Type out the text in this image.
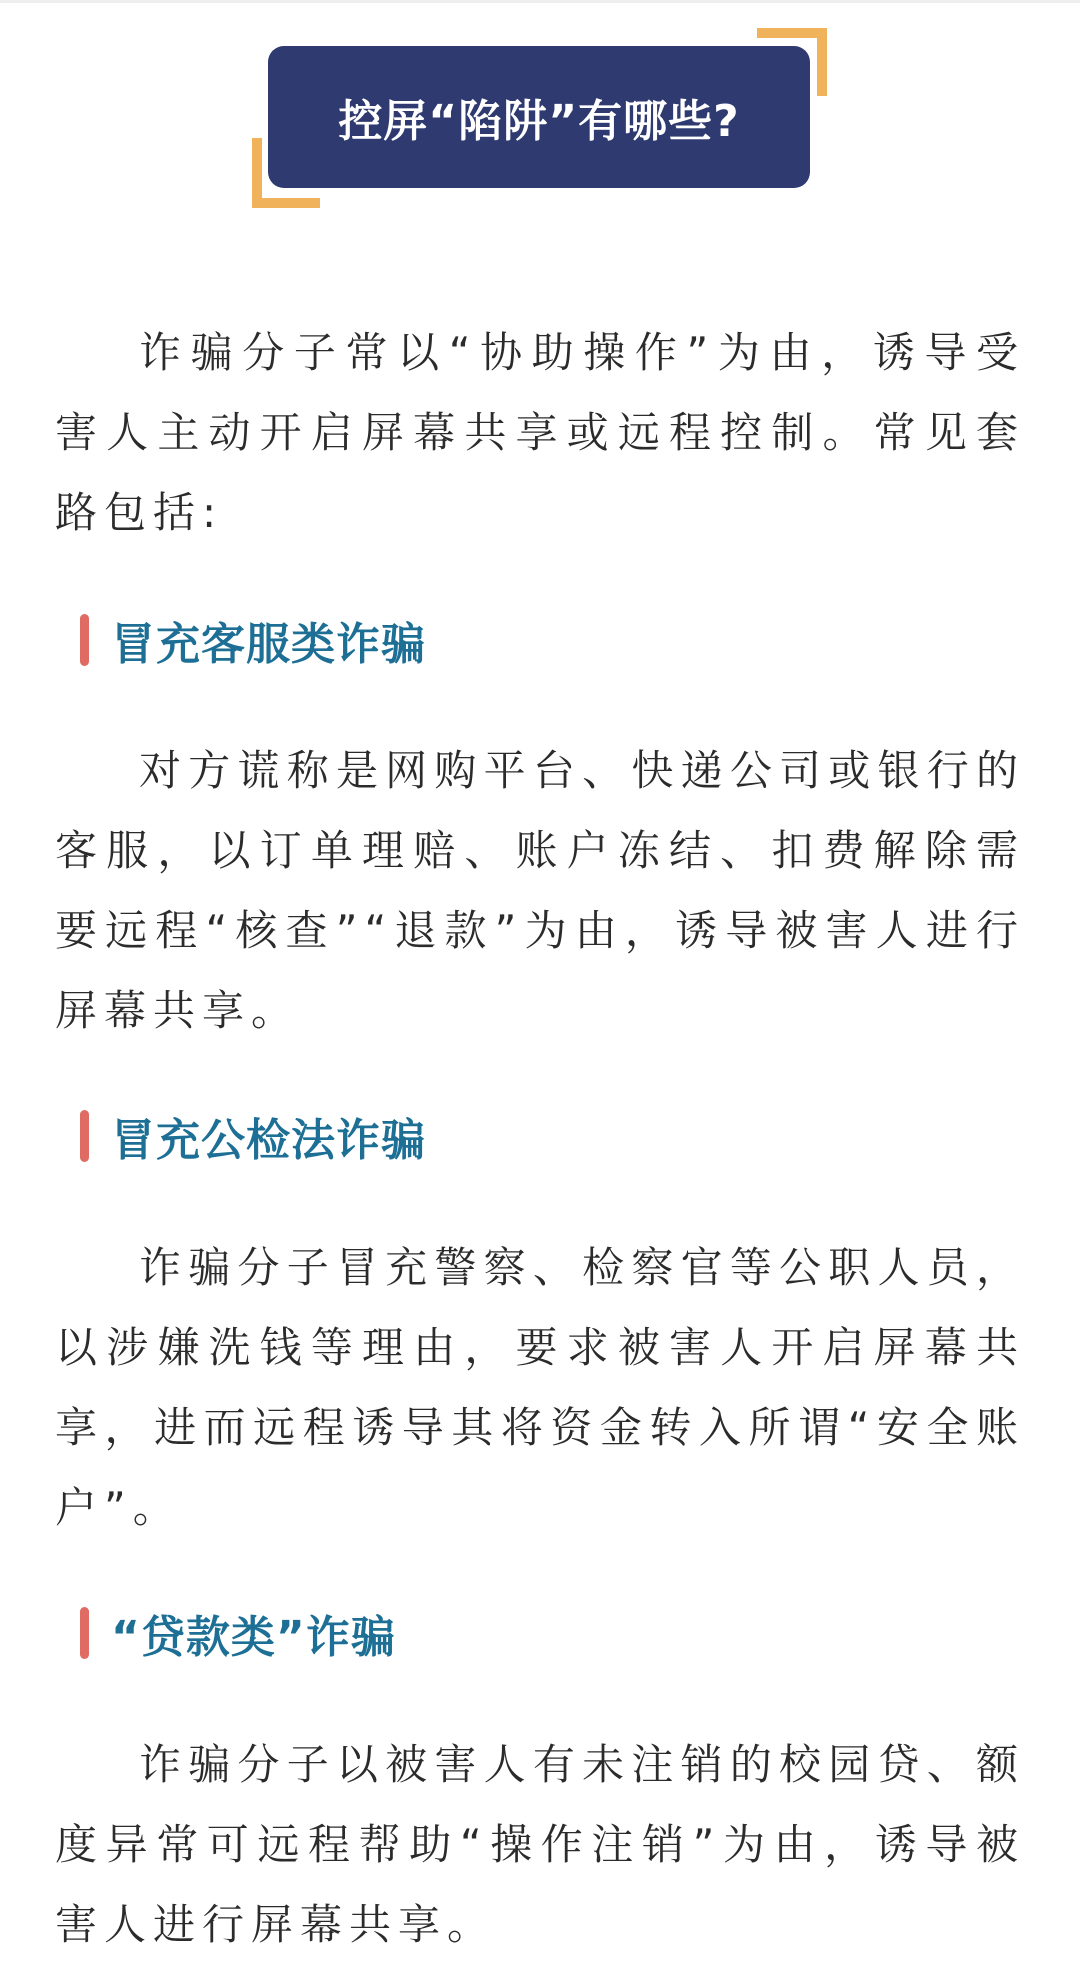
控屏“陷阱”有哪些?

诈骗分子常以“协助操作”为由，诱导受害人主动开启屏幕共享或远程控制。常见套路包括:

冒充客服类诈骗

对方谎称是网购平台、快递公司或银行的客服，以订单理赔、账户冻结、扣费解除需要远程“核查”“退款”为由，诱导被害人进行屏幕共享。

冒充公检法诈骗

诈骗分子冒充警察、检察官等公职人员，以涉嫌洗钱等理由，要求被害人开启屏幕共享，进而远程诱导其将资金转入所谓“安全账户”。

“贷款类”诈骗

诈骗分子以被害人有未注销的校园贷、额度异常可远程帮助“操作注销”为由，诱导被害人进行屏幕共享。
